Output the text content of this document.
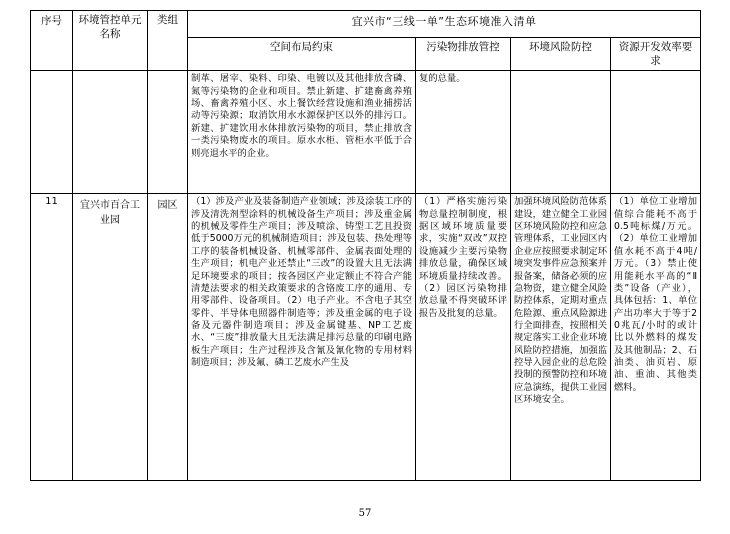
序号	环境管控单元名称	类组	宜兴市“三线一单”生态环境准入清单			
			空间布局约束	污染物排放管控	环境风险防控	资源开发效率要求
			制革、屠宰、染料、印染、电镀以及其他排放含磷、氮等污染物的企业和项目。禁止新建、扩建畜禽养殖场、畜禽养殖小区、水上餐饮经营设施和渔业捕捞活动等污染源；取消饮用水水源保护区以外的排污口。新建、扩建饮用水体排放污染物的项目，禁止排放含一类污染物废水的项目。原水水柜、管柜水平低于合则亮退水平的企业。	复的总量。		
11	宜兴市百合工业园	园区	（1）涉及产业及装备制造产业领域；涉及涂装工序的涉及清洗剂型涂料的机械设备生产项目；涉及重金属的机械及零件生产项目；涉及喷涂、铸型工艺且投资低于5000万元的机械制造项目；涉及包装、热处理等工序的装备机械设备、机械零部件、金属表面处理的生产项目；机电产业还禁止“三改”的设置大且无法满足环境要求的项目；按各园区产业定额止不符合产能清楚法要求的相关政策要求的含铬废工序的通用、专用零部件、设备项目。（2）电子产业。不含电子其空零件、半导体电照器件制造等；涉及重金属的电子设备及元器件制造项目；涉及金属键基、NP工艺废水、“三废”排放量大且无法满足排污总量的印刷电路板生产项目；生产过程涉及含氰及氰化物的专用材料制造项目；涉及氟、磷工艺废水产生及	（1）严格实施污染物总量控制制度，根据区域环境质量要求，实施“双改”双控设施减少主要污染物排放总量，确保区域环境质量持续改善。（2）园区污染物排放总量不得突破环评报告及批复的总量。	加强环境风险防范体系建设，建立健全工业园区环境风险防控和应急管理体系，工业园区内企业应按照要求制定环境突发事件应急预案并报备案，储备必须的应急物资，建立健全风险防控体系，定期对重点危险源、重点风险源进行全面排查，按照相关规定落实工业企业环境风险防控措施，加强监控导入园企业的总危险投制的预警防控和环境应急演练，提供工业园区环境安全。	（1）单位工业增加值综合能耗不高于0.5吨标煤/万元。（2）单位工业增加值水耗不高于4吨/万元。（3）禁止使用能耗水平高的“Ⅱ类”设备（产业），具体包括：1、单位产出功率大于等于20兆瓦/小时的或计比以外燃料的煤发及其他制品；2、石油类、油页岩、原油、重油、其他类燃料。
57
